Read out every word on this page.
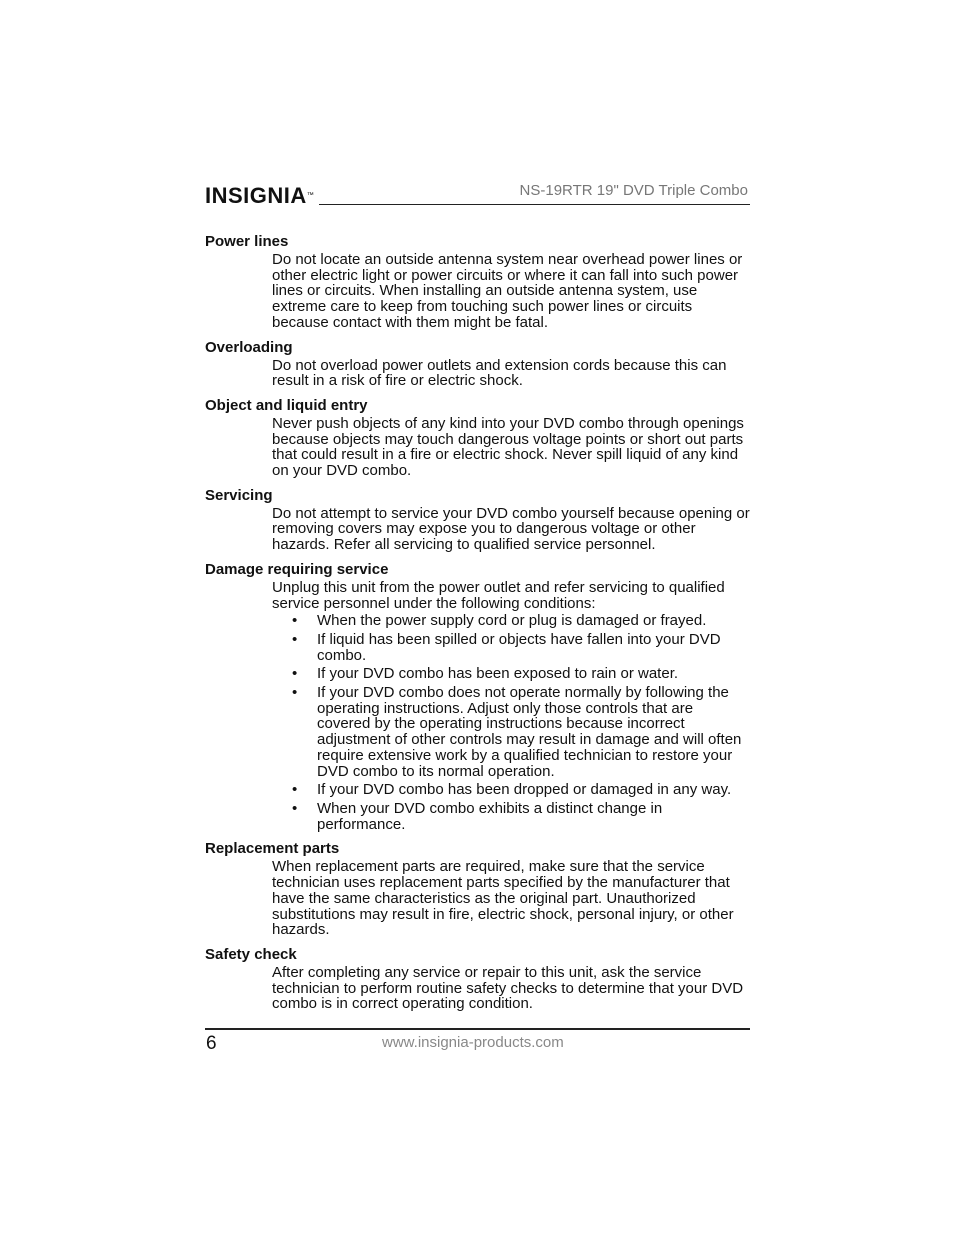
INSIGNIA™	NS-19RTR 19" DVD Triple Combo
Power lines
Do not locate an outside antenna system near overhead power lines or other electric light or power circuits or where it can fall into such power lines or circuits. When installing an outside antenna system, use extreme care to keep from touching such power lines or circuits because contact with them might be fatal.
Overloading
Do not overload power outlets and extension cords because this can result in a risk of fire or electric shock.
Object and liquid entry
Never push objects of any kind into your DVD combo through openings because objects may touch dangerous voltage points or short out parts that could result in a fire or electric shock. Never spill liquid of any kind on your DVD combo.
Servicing
Do not attempt to service your DVD combo yourself because opening or removing covers may expose you to dangerous voltage or other hazards. Refer all servicing to qualified service personnel.
Damage requiring service
Unplug this unit from the power outlet and refer servicing to qualified service personnel under the following conditions:
• When the power supply cord or plug is damaged or frayed.
• If liquid has been spilled or objects have fallen into your DVD combo.
• If your DVD combo has been exposed to rain or water.
• If your DVD combo does not operate normally by following the operating instructions. Adjust only those controls that are covered by the operating instructions because incorrect adjustment of other controls may result in damage and will often require extensive work by a qualified technician to restore your DVD combo to its normal operation.
• If your DVD combo has been dropped or damaged in any way.
• When your DVD combo exhibits a distinct change in performance.
Replacement parts
When replacement parts are required, make sure that the service technician uses replacement parts specified by the manufacturer that have the same characteristics as the original part. Unauthorized substitutions may result in fire, electric shock, personal injury, or other hazards.
Safety check
After completing any service or repair to this unit, ask the service technician to perform routine safety checks to determine that your DVD combo is in correct operating condition.
6	www.insignia-products.com
